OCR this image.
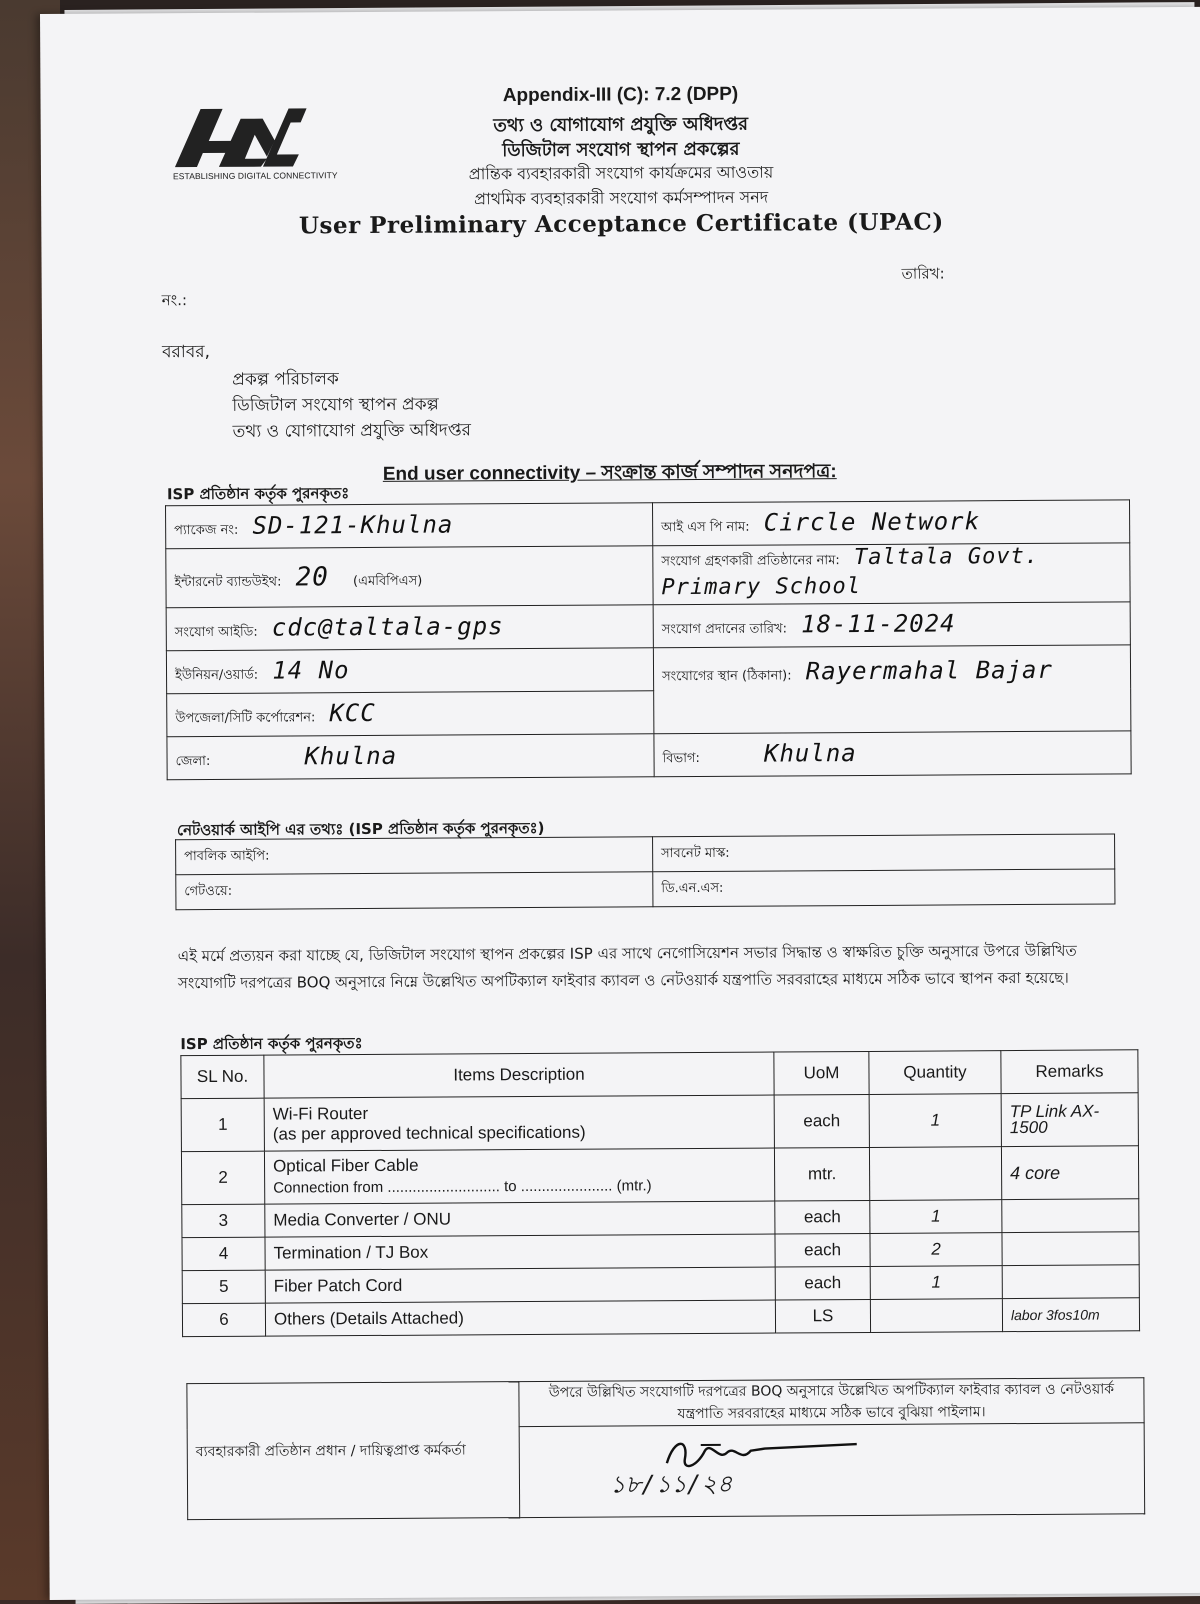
ESTABLISHING DIGITAL CONNECTIVITY
Appendix-III (C): 7.2 (DPP)
তথ্য ও যোগাযোগ প্রযুক্তি অধিদপ্তর
ডিজিটাল সংযোগ স্থাপন প্রকল্পের
প্রান্তিক ব্যবহারকারী সংযোগ কার্যক্রমের আওতায়
প্রাথমিক ব্যবহারকারী সংযোগ কর্মসম্পাদন সনদ
User Preliminary Acceptance Certificate (UPAC)
তারিখ:
নং.:
বরাবর,
প্রকল্প পরিচালক
ডিজিটাল সংযোগ স্থাপন প্রকল্প
তথ্য ও যোগাযোগ প্রযুক্তি অধিদপ্তর
End user connectivity – সংক্রান্ত কার্জ সম্পাদন সনদপত্র:
ISP প্রতিষ্ঠান কর্তৃক পুরনকৃতঃ
প্যাকেজ নং: SD-121-Khulna	আই এস পি নাম: Circle Network
ইন্টারনেট ব্যান্ডউইথ: 20 (এমবিপিএস)	সংযোগ গ্রহণকারী প্রতিষ্ঠানের নাম: Taltala Govt. Primary School
সংযোগ আইডি: cdc@taltala-gps	সংযোগ প্রদানের তারিখ: 18-11-2024
ইউনিয়ন/ওয়ার্ড: 14 No	সংযোগের স্থান (ঠিকানা): Rayermahal Bajar
উপজেলা/সিটি কর্পোরেশন: KCC	
জেলা: Khulna	বিভাগ: Khulna
নেটওয়ার্ক আইপি এর তথ্যঃ (ISP প্রতিষ্ঠান কর্তৃক পুরনকৃতঃ)
পাবলিক আইপি:	সাবনেট মাস্ক:
গেটওয়ে:	ডি.এন.এস:
এই মর্মে প্রত্যয়ন করা যাচ্ছে যে, ডিজিটাল সংযোগ স্থাপন প্রকল্পের ISP এর সাথে নেগোসিয়েশন সভার সিদ্ধান্ত ও স্বাক্ষরিত চুক্তি অনুসারে উপরে উল্লিখিত সংযোগটি দরপত্রের BOQ অনুসারে নিম্নে উল্লেখিত অপটিক্যাল ফাইবার ক্যাবল ও নেটওয়ার্ক যন্ত্রপাতি সরবরাহের মাধ্যমে সঠিক ভাবে স্থাপন করা হয়েছে।
ISP প্রতিষ্ঠান কর্তৃক পুরনকৃতঃ
SL No.	Items Description	UoM	Quantity	Remarks
1	Wi-Fi Router
(as per approved technical specifications)	each	1	TP Link AX-1500
2	Optical Fiber Cable
Connection from ........................... to ...................... (mtr.)	mtr.		4 core
3	Media Converter / ONU	each	1	
4	Termination / TJ Box	each	2	
5	Fiber Patch Cord	each	1	
6	Others (Details Attached)	LS		labor 3fos10m
ব্যবহারকারী প্রতিষ্ঠান প্রধান / দায়িত্বপ্রাপ্ত কর্মকর্তা	উপরে উল্লিখিত সংযোগটি দরপত্রের BOQ অনুসারে উল্লেখিত অপটিক্যাল ফাইবার ক্যাবল ও নেটওয়ার্ক যন্ত্রপাতি সরবরাহের মাধ্যমে সঠিক ভাবে বুঝিয়া পাইলাম।
১৮/১১/২৪
